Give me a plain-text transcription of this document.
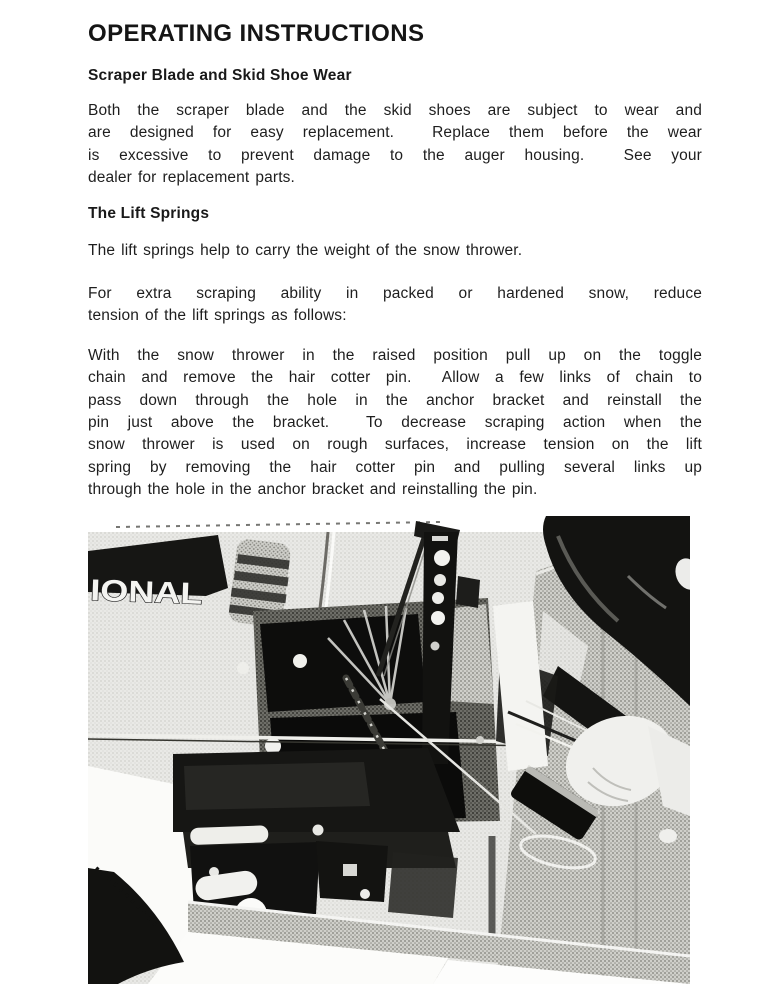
OPERATING INSTRUCTIONS
Scraper Blade and Skid Shoe Wear
Both the scraper blade and the skid shoes are subject to wear and
are designed for easy replacement.  Replace them before the wear
is excessive to prevent damage to the auger housing.  See your
dealer for replacement parts.
The Lift Springs
The lift springs help to carry the weight of the snow thrower.
For extra scraping ability in packed or hardened snow, reduce
tension of the lift springs as follows:
With the snow thrower in the raised position pull up on the toggle
chain and remove the hair cotter pin.  Allow a few links of chain to
pass down through the hole in the anchor bracket and reinstall the
pin just above the bracket.  To decrease scraping action when the
snow thrower is used on rough surfaces, increase tension on the lift
spring by removing the hair cotter pin and pulling several links up
through the hole in the anchor bracket and reinstalling the pin.
IONAL
